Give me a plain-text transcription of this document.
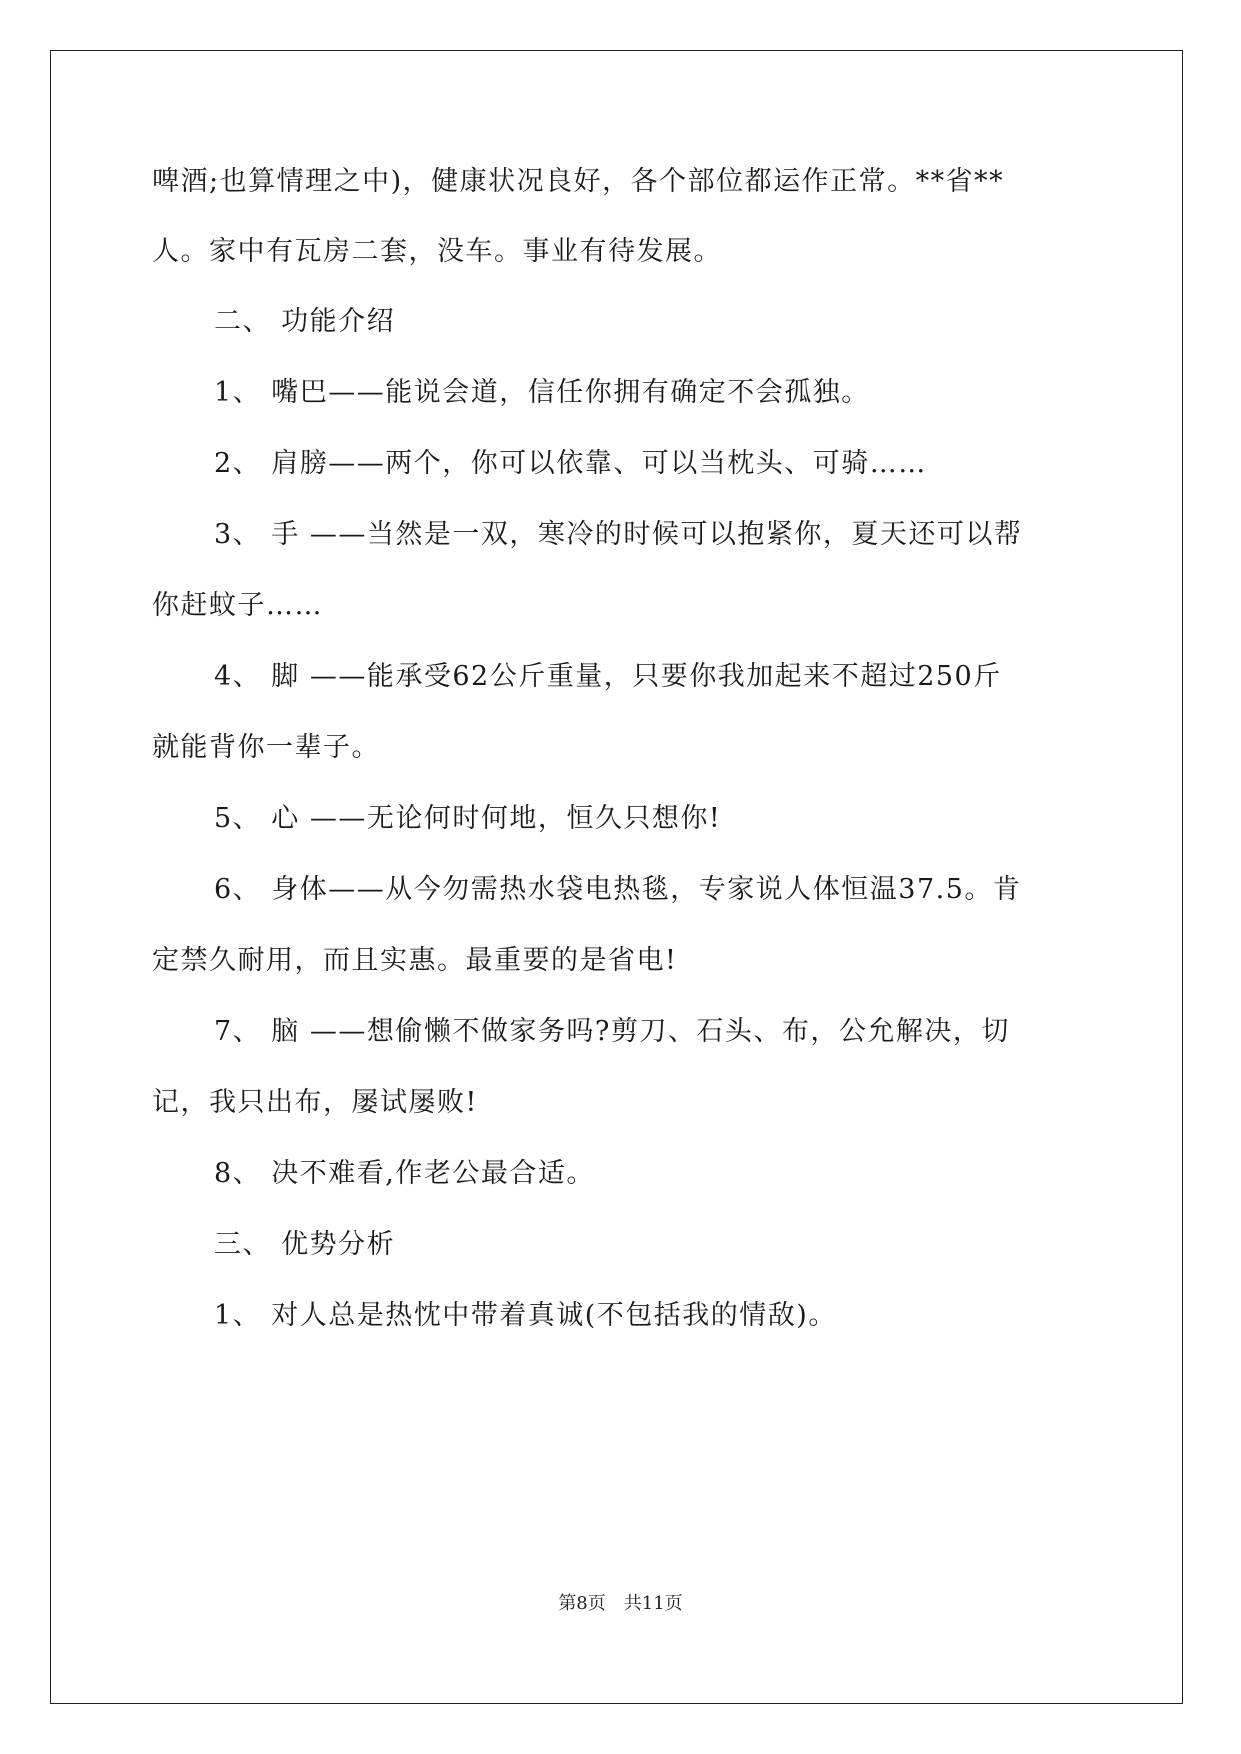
啤酒;也算情理之中)，健康状况良好，各个部位都运作正常。**省**
人。家中有瓦房二套，没车。事业有待发展。
二、 功能介绍
1、 嘴巴——能说会道，信任你拥有确定不会孤独。
2、 肩膀——两个，你可以依靠、可以当枕头、可骑……
3、 手 ——当然是一双，寒冷的时候可以抱紧你，夏天还可以帮
你赶蚊子……
4、 脚 ——能承受62公斤重量，只要你我加起来不超过250斤
就能背你一辈子。
5、 心 ——无论何时何地，恒久只想你!
6、 身体——从今勿需热水袋电热毯，专家说人体恒温37.5。肯
定禁久耐用，而且实惠。最重要的是省电!
7、 脑 ——想偷懒不做家务吗?剪刀、石头、布，公允解决，切
记，我只出布，屡试屡败!
8、 决不难看,作老公最合适。
三、 优势分析
1、 对人总是热忱中带着真诚(不包括我的情敌)。
第8页 共11页
